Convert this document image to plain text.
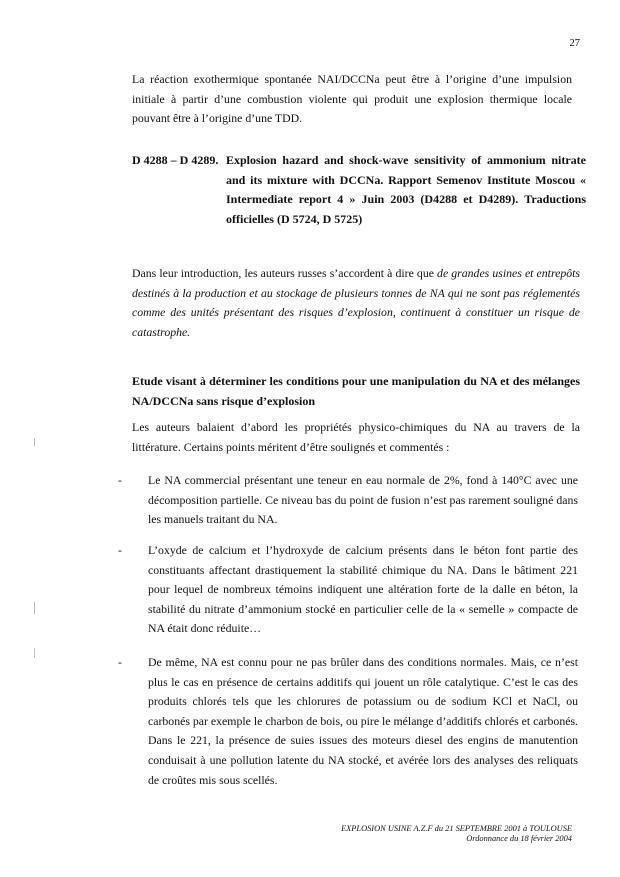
27
La réaction exothermique spontanée NAI/DCCNa peut être à l’origine d’une impulsion initiale à partir d’une combustion violente qui produit une explosion thermique locale pouvant être à l’origine d’une TDD.
D 4288 – D 4289. Explosion hazard and shock-wave sensitivity of ammonium nitrate and its mixture with DCCNa. Rapport Semenov Institute Moscou « Intermediate report 4 » Juin 2003 (D4288 et D4289). Traductions officielles (D 5724, D 5725)
Dans leur introduction, les auteurs russes s’accordent à dire que de grandes usines et entrepôts destinés à la production et au stockage de plusieurs tonnes de NA qui ne sont pas réglementés comme des unités présentant des risques d’explosion, continuent à constituer un risque de catastrophe.
Etude visant à déterminer les conditions pour une manipulation du NA et des mélanges NA/DCCNa sans risque d’explosion
Les auteurs balaient d’abord les propriétés physico-chimiques du NA au travers de la littérature. Certains points méritent d’être soulignés et commentés :
-	Le NA commercial présentant une teneur en eau normale de 2%, fond à 140°C avec une décomposition partielle. Ce niveau bas du point de fusion n’est pas rarement souligné dans les manuels traitant du NA.
-	L’oxyde de calcium et l’hydroxyde de calcium présents dans le béton font partie des constituants affectant drastiquement la stabilité chimique du NA. Dans le bâtiment 221 pour lequel de nombreux témoins indiquent une altération forte de la dalle en béton, la stabilité du nitrate d’ammonium stocké en particulier celle de la « semelle » compacte de NA était donc réduite…
-	De même, NA est connu pour ne pas brûler dans des conditions normales. Mais, ce n’est plus le cas en présence de certains additifs qui jouent un rôle catalytique. C’est le cas des produits chlorés tels que les chlorures de potassium ou de sodium KCl et NaCl, ou carbonés par exemple le charbon de bois, ou pire le mélange d’additifs chlorés et carbonés. Dans le 221, la présence de suies issues des moteurs diesel des engins de manutention conduisait à une pollution latente du NA stocké, et avérée lors des analyses des reliquats de croûtes mis sous scellés.
EXPLOSION USINE A.Z.F du 21 SEPTEMBRE 2001 à TOULOUSE
Ordonnance du 18 février 2004
